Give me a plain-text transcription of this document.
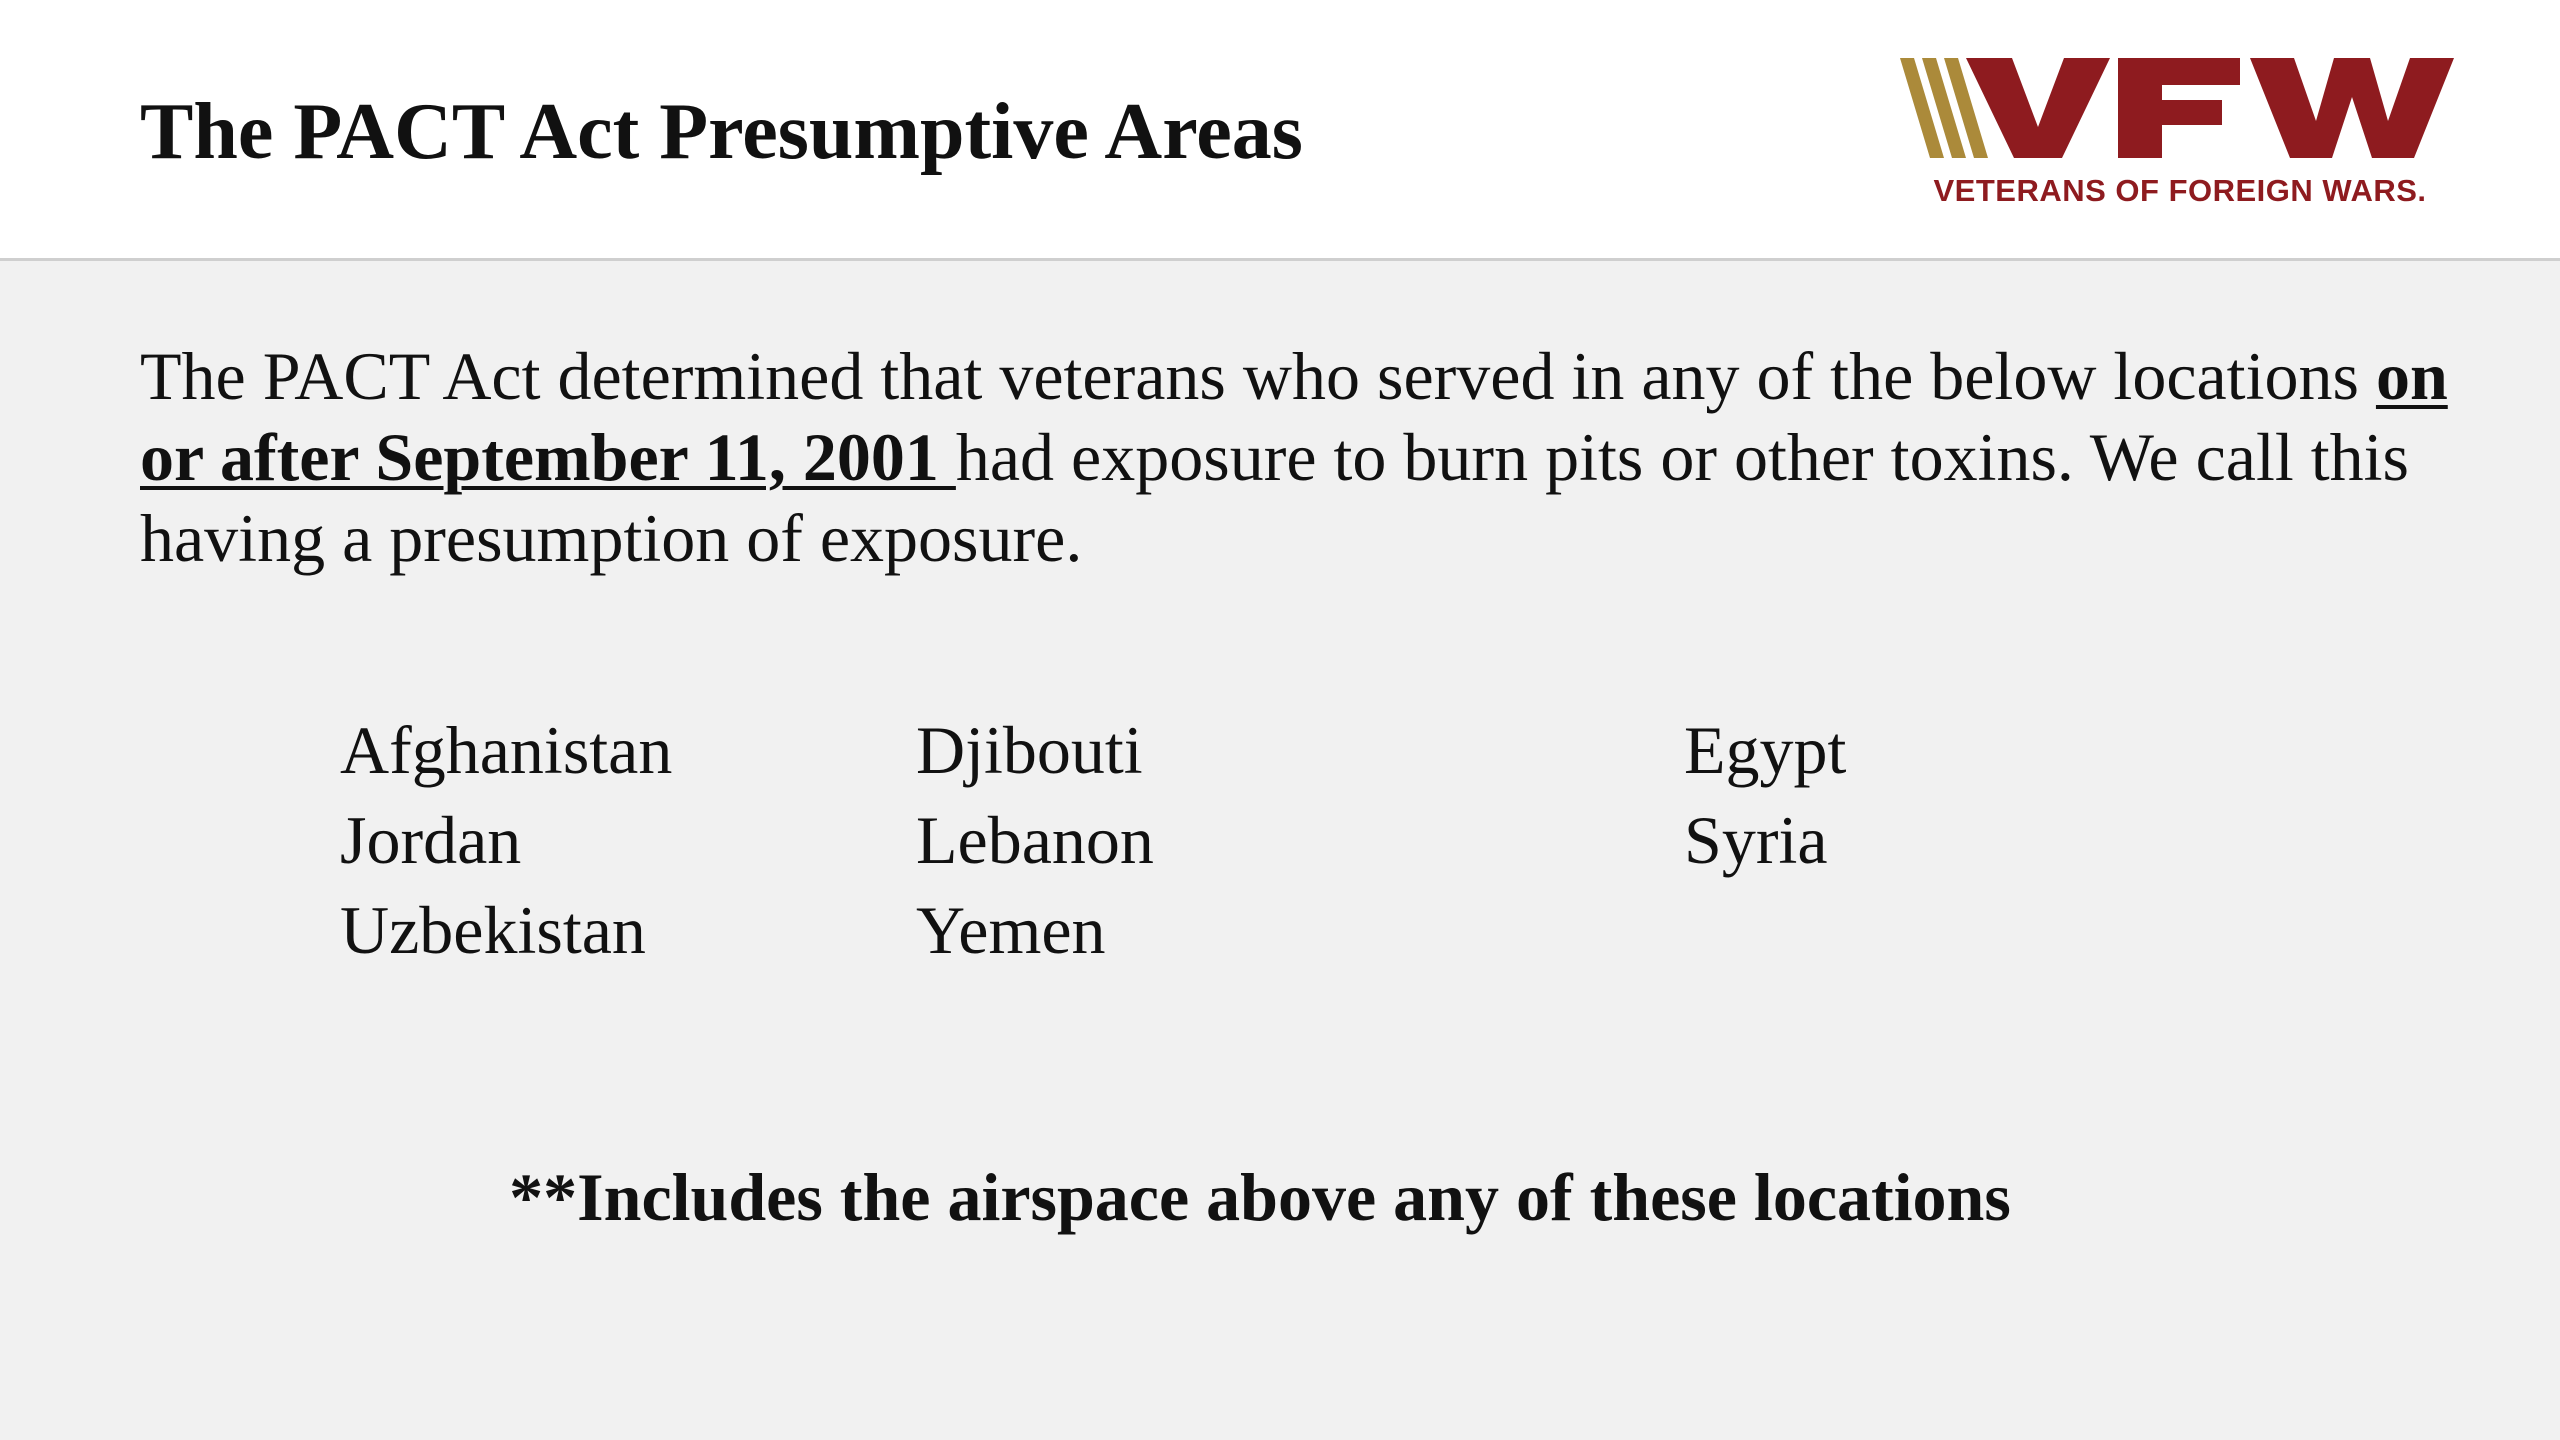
The PACT Act Presumptive Areas
VETERANS OF FOREIGN WARS.

The PACT Act determined that veterans who served in any of the below locations on or after September 11, 2001 had exposure to burn pits or other toxins. We call this having a presumption of exposure.

Afghanistan
Jordan
Uzbekistan
Djibouti
Lebanon
Yemen
Egypt
Syria

**Includes the airspace above any of these locations
